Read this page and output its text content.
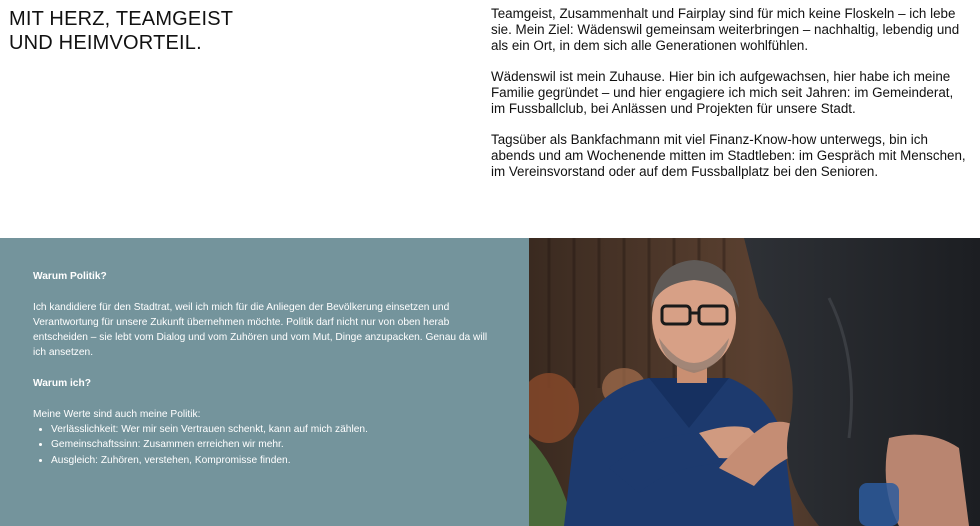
MIT HERZ, TEAMGEIST
UND HEIMVORTEIL.

Teamgeist, Zusammenhalt und Fairplay sind für mich keine Floskeln – ich lebe sie. Mein Ziel: Wädenswil gemeinsam weiterbringen – nachhaltig, lebendig und als ein Ort, in dem sich alle Generationen wohlfühlen.

Wädenswil ist mein Zuhause. Hier bin ich aufgewachsen, hier habe ich meine Familie gegründet – und hier engagiere ich mich seit Jahren: im Gemeinderat, im Fussballclub, bei Anlässen und Projekten für unsere Stadt.

Tagsüber als Bankfachmann mit viel Finanz-Know-how unterwegs, bin ich abends und am Wochenende mitten im Stadtleben: im Gespräch mit Menschen, im Vereinsvorstand oder auf dem Fussballplatz bei den Senioren.

Warum Politik?

Ich kandidiere für den Stadtrat, weil ich mich für die Anliegen der Bevölkerung einsetzen und Verantwortung für unsere Zukunft übernehmen möchte. Politik darf nicht nur von oben herab entscheiden – sie lebt vom Dialog und vom Zuhören und vom Mut, Dinge anzupacken. Genau da will ich ansetzen.

Warum ich?

Meine Werte sind auch meine Politik:

• Verlässlichkeit: Wer mir sein Vertrauen schenkt, kann auf mich zählen.
• Gemeinschaftssinn: Zusammen erreichen wir mehr.
• Ausgleich: Zuhören, verstehen, Kompromisse finden.
